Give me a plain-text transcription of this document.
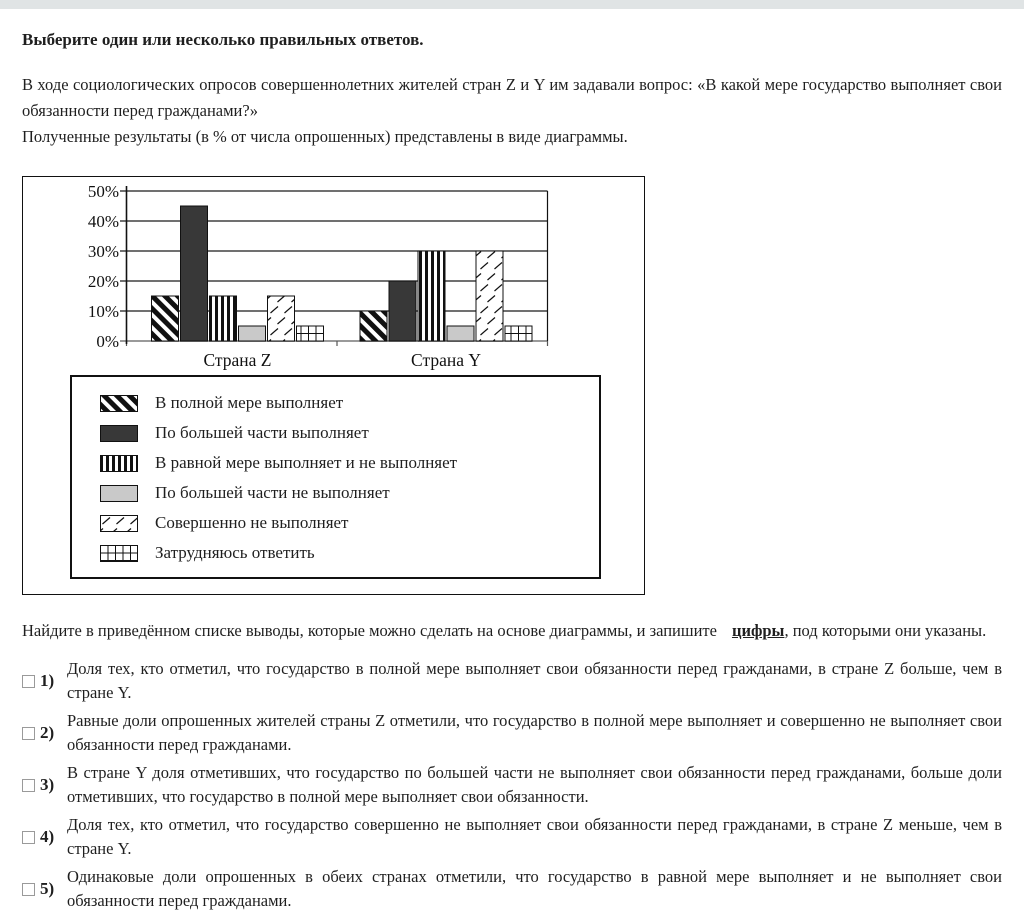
Выберите один или несколько правильных ответов.

В ходе социологических опросов совершеннолетних жителей стран Z и Y им задавали вопрос: «В какой мере государство выполняет свои обязанности перед гражданами?»

Полученные результаты (в % от числа опрошенных) представлены в виде диаграммы.

0%
10%
20%
30%
40%
50%
Страна Z	Страна Y
В полной мере выполняет
По большей части выполняет
В равной мере выполняет и не выполняет
По большей части не выполняет
Совершенно не выполняет
Затрудняюсь ответить

Найдите в приведённом списке выводы, которые можно сделать на основе диаграммы, и запишите цифры, под которыми они указаны.

1)
Доля тех, кто отметил, что государство в полной мере выполняет свои обязанности перед гражданами, в стране Z больше, чем в стране Y.
2)
Равные доли опрошенных жителей страны Z отметили, что государство в полной мере выполняет и совершенно не выполняет свои обязанности перед гражданами.
3)
В стране Y доля отметивших, что государство по большей части не выполняет свои обязанности перед гражданами, больше доли отметивших, что государство в полной мере выполняет свои обязанности.
4)
Доля тех, кто отметил, что государство совершенно не выполняет свои обязанности перед гражданами, в стране Z меньше, чем в стране Y.
5)
Одинаковые доли опрошенных в обеих странах отметили, что государство в равной мере выполняет и не выполняет свои обязанности перед гражданами.
